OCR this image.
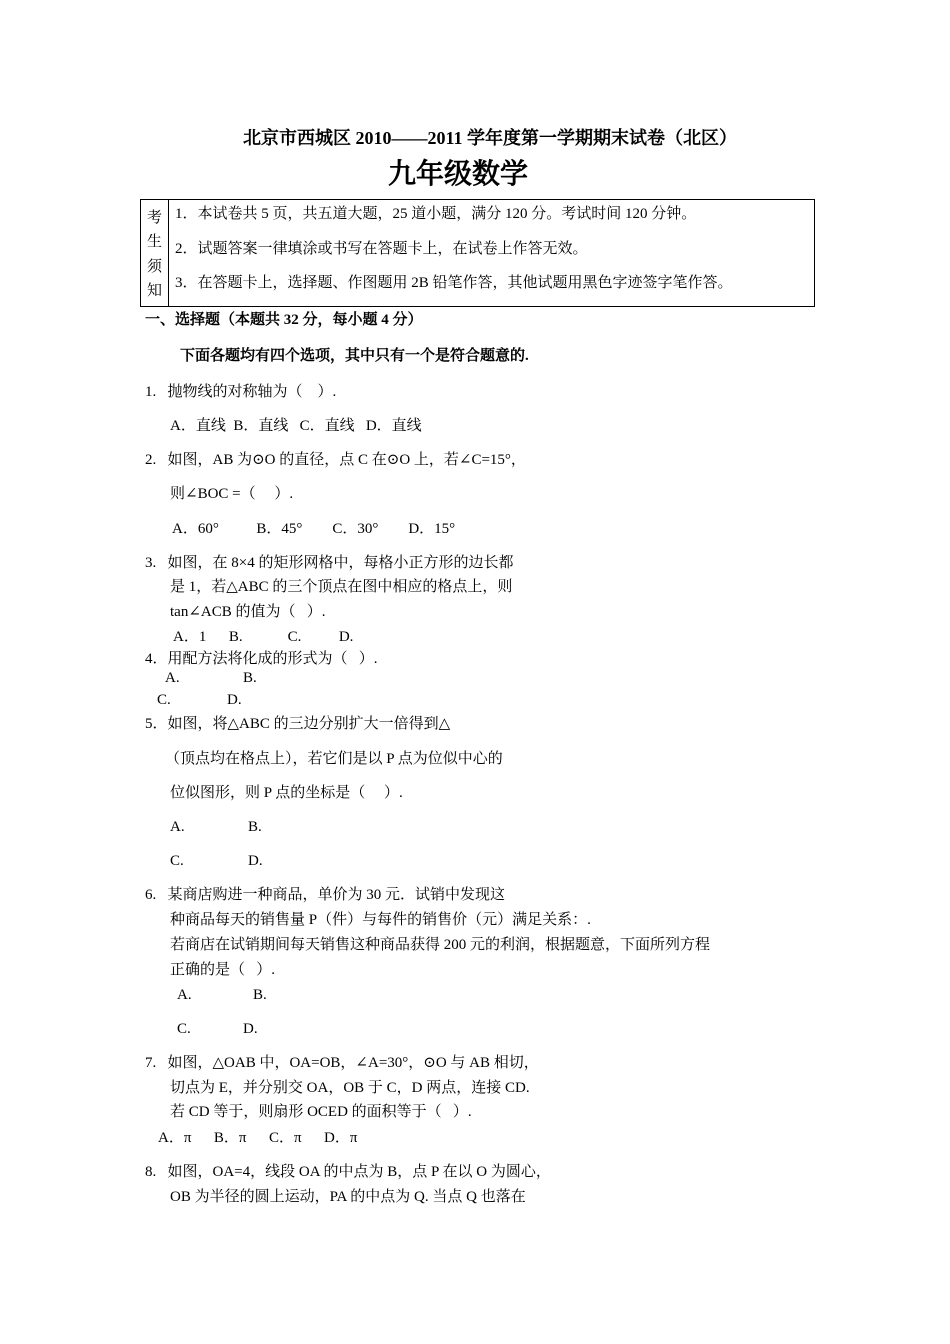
北京市西城区 2010——2011 学年度第一学期期末试卷（北区）
九年级数学
考
生
须
知
1．本试卷共 5 页，共五道大题，25 道小题，满分 120 分。考试时间 120 分钟。
2．试题答案一律填涂或书写在答题卡上，在试卷上作答无效。
3．在答题卡上，选择题、作图题用 2B 铅笔作答，其他试题用黑色字迹签字笔作答。
一、选择题（本题共 32 分，每小题 4 分）
下面各题均有四个选项，其中只有一个是符合题意的.
1.   抛物线的对称轴为（    ）.
A．直线  B．直线   C．直线   D．直线
2.   如图，AB 为⊙O 的直径，点 C 在⊙O 上，若∠C=15°，
则∠BOC =（     ）.
A．60°          B．45°        C．30°        D．15°
3.   如图，在 8×4 的矩形网格中，每格小正方形的边长都
是 1，若△ABC 的三个顶点在图中相应的格点上，则
tan∠ACB 的值为（   ）.
A．1      B.            C.          D.
4．用配方法将化成的形式为（   ）.
A.	B.
C.	D.
5．如图，将△ABC 的三边分别扩大一倍得到△
（顶点均在格点上），若它们是以 P 点为位似中心的
位似图形，则 P 点的坐标是（     ）.
A.	B.
C.	D.
6.   某商店购进一种商品，单价为 30 元．试销中发现这
种商品每天的销售量 P（件）与每件的销售价（元）满足关系：.
若商店在试销期间每天销售这种商品获得 200 元的利润，根据题意，下面所列方程
正确的是（   ）.
A.	B.
C.	D.
7.   如图，△OAB 中，OA=OB，∠A=30°，⊙O 与 AB 相切，
切点为 E，并分别交 OA，OB 于 C，D 两点，连接 CD.
若 CD 等于，则扇形 OCED 的面积等于（   ）.
A．π      B．π      C．π      D．π
8.   如图，OA=4，线段 OA 的中点为 B，点 P 在以 O 为圆心，
OB 为半径的圆上运动，PA 的中点为 Q. 当点 Q 也落在
